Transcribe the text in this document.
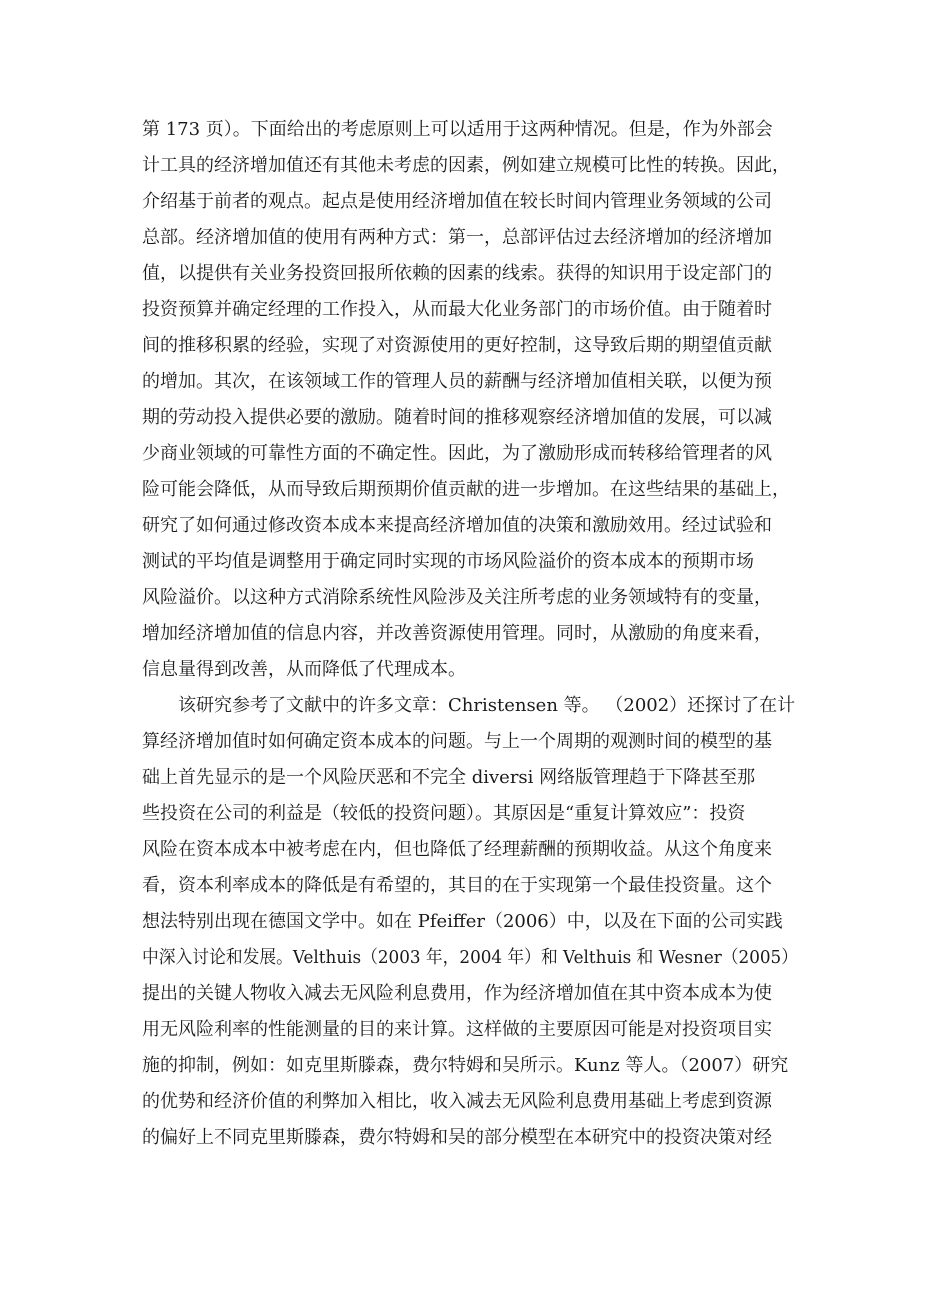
第 173 页）。下面给出的考虑原则上可以适用于这两种情况。但是，作为外部会
计工具的经济增加值还有其他未考虑的因素，例如建立规模可比性的转换。因此，
介绍基于前者的观点。起点是使用经济增加值在较长时间内管理业务领域的公司
总部。经济增加值的使用有两种方式：第一，总部评估过去经济增加的经济增加
值，以提供有关业务投资回报所依赖的因素的线索。获得的知识用于设定部门的
投资预算并确定经理的工作投入，从而最大化业务部门的市场价值。由于随着时
间的推移积累的经验，实现了对资源使用的更好控制，这导致后期的期望值贡献
的增加。其次，在该领域工作的管理人员的薪酬与经济增加值相关联，以便为预
期的劳动投入提供必要的激励。随着时间的推移观察经济增加值的发展，可以减
少商业领域的可靠性方面的不确定性。因此，为了激励形成而转移给管理者的风
险可能会降低，从而导致后期预期价值贡献的进一步增加。在这些结果的基础上，
研究了如何通过修改资本成本来提高经济增加值的决策和激励效用。经过试验和
测试的平均值是调整用于确定同时实现的市场风险溢价的资本成本的预期市场
风险溢价。以这种方式消除系统性风险涉及关注所考虑的业务领域特有的变量，
增加经济增加值的信息内容，并改善资源使用管理。同时，从激励的角度来看，
信息量得到改善，从而降低了代理成本。
该研究参考了文献中的许多文章：Christensen 等。 （2002）还探讨了在计
算经济增加值时如何确定资本成本的问题。与上一个周期的观测时间的模型的基
础上首先显示的是一个风险厌恶和不完全 diversi 网络版管理趋于下降甚至那
些投资在公司的利益是（较低的投资问题）。其原因是“重复计算效应”：投资
风险在资本成本中被考虑在内，但也降低了经理薪酬的预期收益。从这个角度来
看，资本利率成本的降低是有希望的，其目的在于实现第一个最佳投资量。这个
想法特别出现在德国文学中。如在 Pfeiffer（2006）中，以及在下面的公司实践
中深入讨论和发展。Velthuis（2003 年，2004 年）和 Velthuis 和 Wesner（2005）
提出的关键人物收入减去无风险利息费用，作为经济增加值在其中资本成本为使
用无风险利率的性能测量的目的来计算。这样做的主要原因可能是对投资项目实
施的抑制，例如：如克里斯滕森，费尔特姆和吴所示。Kunz 等人。（2007）研究
的优势和经济价值的利弊加入相比，收入减去无风险利息费用基础上考虑到资源
的偏好上不同克里斯滕森，费尔特姆和吴的部分模型在本研究中的投资决策对经
